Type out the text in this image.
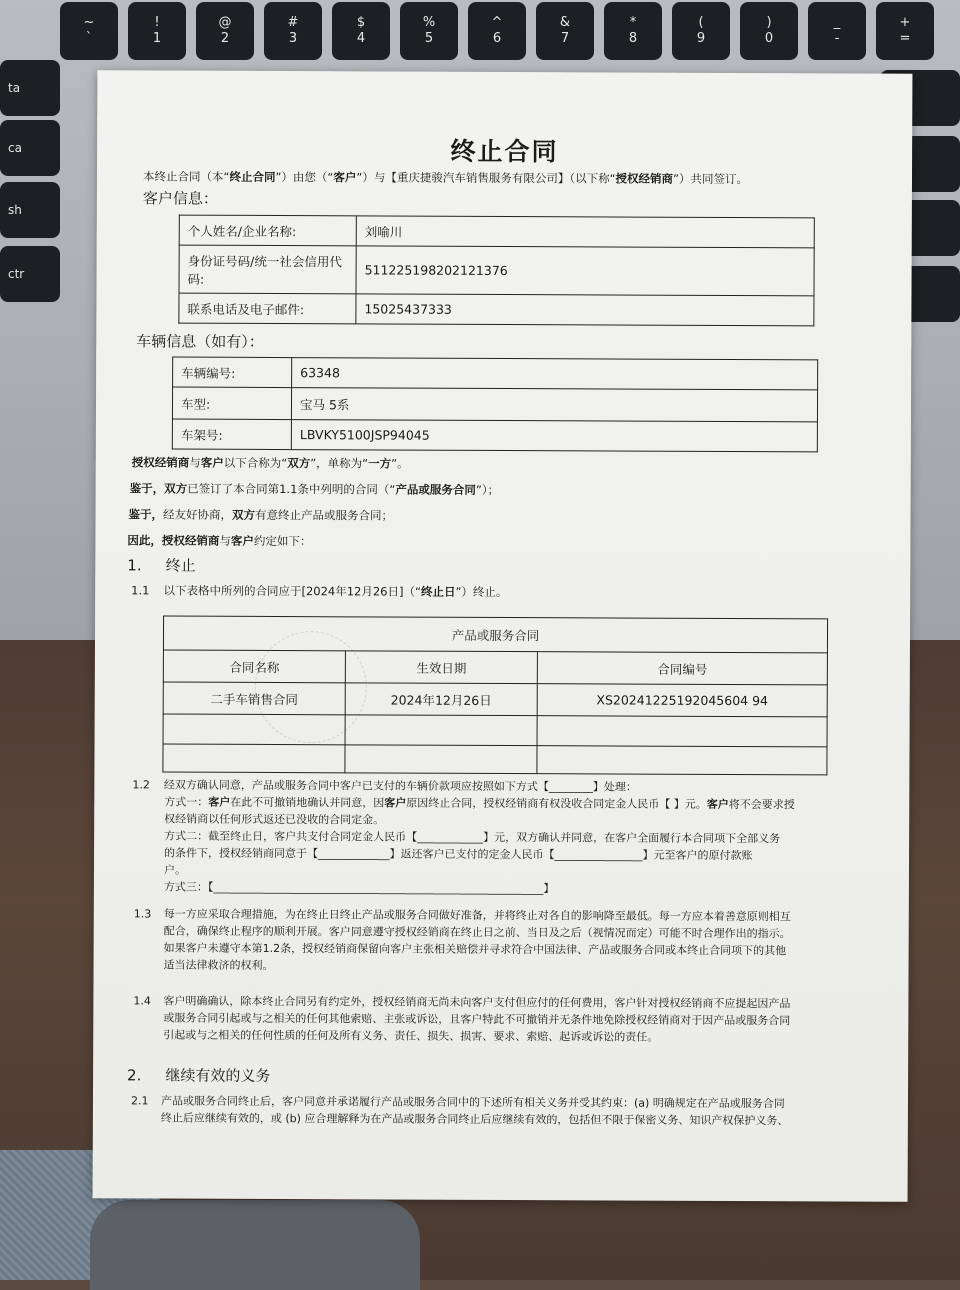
~
`
!
1
@
2
#
3
$
4
%
5
^
6
&
7
*
8
(
9
)
0
_
-
+
=
ta
ca
sh
ctr
终止合同
本终止合同（本“终止合同”）由您（“客户”）与【重庆捷骏汽车销售服务有限公司】（以下称“授权经销商”）共同签订。
客户信息：
个人姓名/企业名称:	刘喻川
身份证号码/统一社会信用代码:	511225198202121376
联系电话及电子邮件:	15025437333
车辆信息（如有）：
车辆编号:	63348
车型:	宝马 5系
车架号:	LBVKY5100JSP94045
授权经销商与客户以下合称为“双方”，单称为“一方”。
鉴于，双方已签订了本合同第1.1条中列明的合同（“产品或服务合同”）；
鉴于，经友好协商，双方有意终止产品或服务合同；
因此，授权经销商与客户约定如下：
1. 终止
1.1 以下表格中所列的合同应于[2024年12月26日]（“终止日”）终止。
产品或服务合同		
合同名称	生效日期	合同编号
二手车销售合同	2024年12月26日	XS20241225192045604 94

1.2 经双方确认同意，产品或服务合同中客户已支付的车辆价款项应按照如下方式【________】处理：
方式一：客户在此不可撤销地确认并同意，因客户原因终止合同，授权经销商有权没收合同定金人民币【 】元。客户将不会要求授
权经销商以任何形式返还已没收的合同定金。
方式二：截至终止日，客户共支付合同定金人民币【____________】元，双方确认并同意，在客户全面履行本合同项下全部义务
的条件下，授权经销商同意于【_____________】返还客户已支付的定金人民币【________________】元至客户的原付款账
户。
方式三：【____________________________________________________________】
1.3 每一方应采取合理措施，为在终止日终止产品或服务合同做好准备，并将终止对各自的影响降至最低。每一方应本着善意原则相互
配合，确保终止程序的顺利开展。客户同意遵守授权经销商在终止日之前、当日及之后（视情况而定）可能不时合理作出的指示。
如果客户未遵守本第1.2条，授权经销商保留向客户主张相关赔偿并寻求符合中国法律、产品或服务合同或本终止合同项下的其他
适当法律救济的权利。
1.4 客户明确确认，除本终止合同另有约定外，授权经销商无尚未向客户支付但应付的任何费用，客户针对授权经销商不应提起因产品
或服务合同引起或与之相关的任何其他索赔、主张或诉讼，且客户特此不可撤销并无条件地免除授权经销商对于因产品或服务合同
引起或与之相关的任何性质的任何及所有义务、责任、损失、损害、要求、索赔、起诉或诉讼的责任。
2. 继续有效的义务
2.1 产品或服务合同终止后，客户同意并承诺履行产品或服务合同中的下述所有相关义务并受其约束：(a) 明确规定在产品或服务合同
终止后应继续有效的，或 (b) 应合理解释为在产品或服务合同终止后应继续有效的，包括但不限于保密义务、知识产权保护义务、
